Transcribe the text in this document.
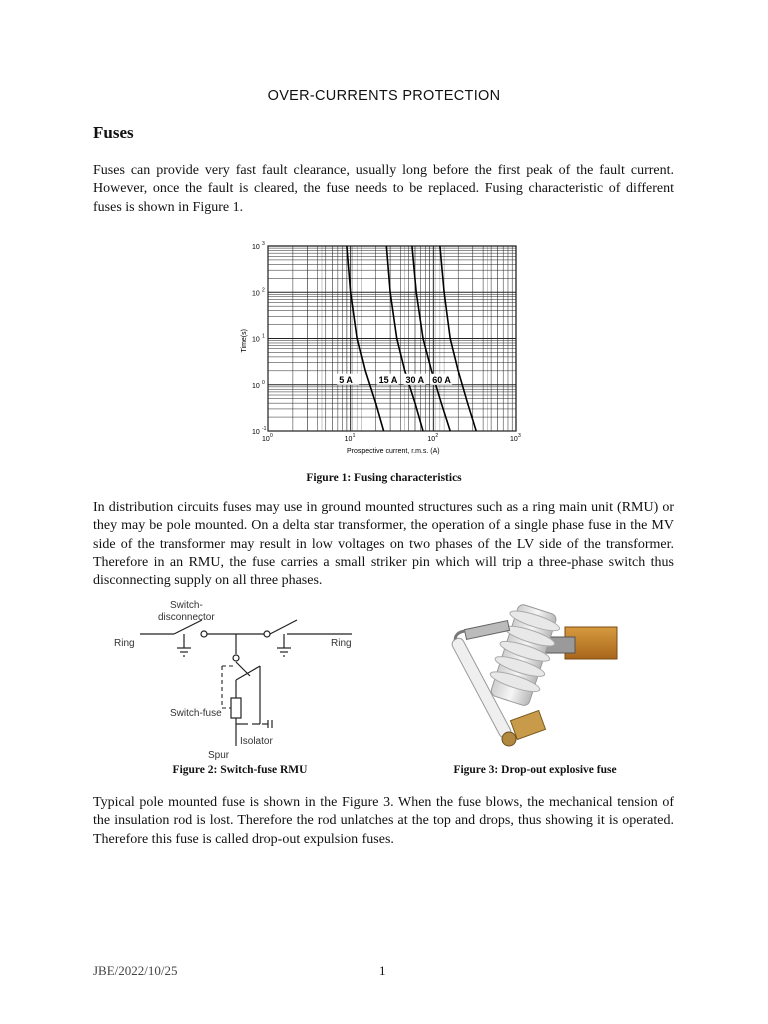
OVER-CURRENTS PROTECTION
Fuses
Fuses can provide very fast fault clearance, usually long before the first peak of the fault current. However, once the fault is cleared, the fuse needs to be replaced. Fusing characteristic of different fuses is shown in Figure 1.
5 A	15 A 30 A 60 A
10 3
10 2
10 1
10 0
10 -1
10 0	10 1	10 2	10 3
Prospective current, r.m.s. (A)
Time(s)
Figure 1: Fusing characteristics
In distribution circuits fuses may use in ground mounted structures such as a ring main unit (RMU) or they may be pole mounted. On a delta star transformer, the operation of a single phase fuse in the MV side of the transformer may result in low voltages on two phases of the LV side of the transformer. Therefore in an RMU, the fuse carries a small striker pin which will trip a three-phase switch thus disconnecting supply on all three phases.
Switch-
disconnector
Ring	Ring
Switch-fuse
Isolator
Spur
Figure 2: Switch-fuse RMU	Figure 3: Drop-out explosive fuse
Typical pole mounted fuse is shown in the Figure 3. When the fuse blows, the mechanical tension of the insulation rod is lost. Therefore the rod unlatches at the top and drops, thus showing it is operated. Therefore this fuse is called drop-out expulsion fuses.
JBE/2022/10/25	1
